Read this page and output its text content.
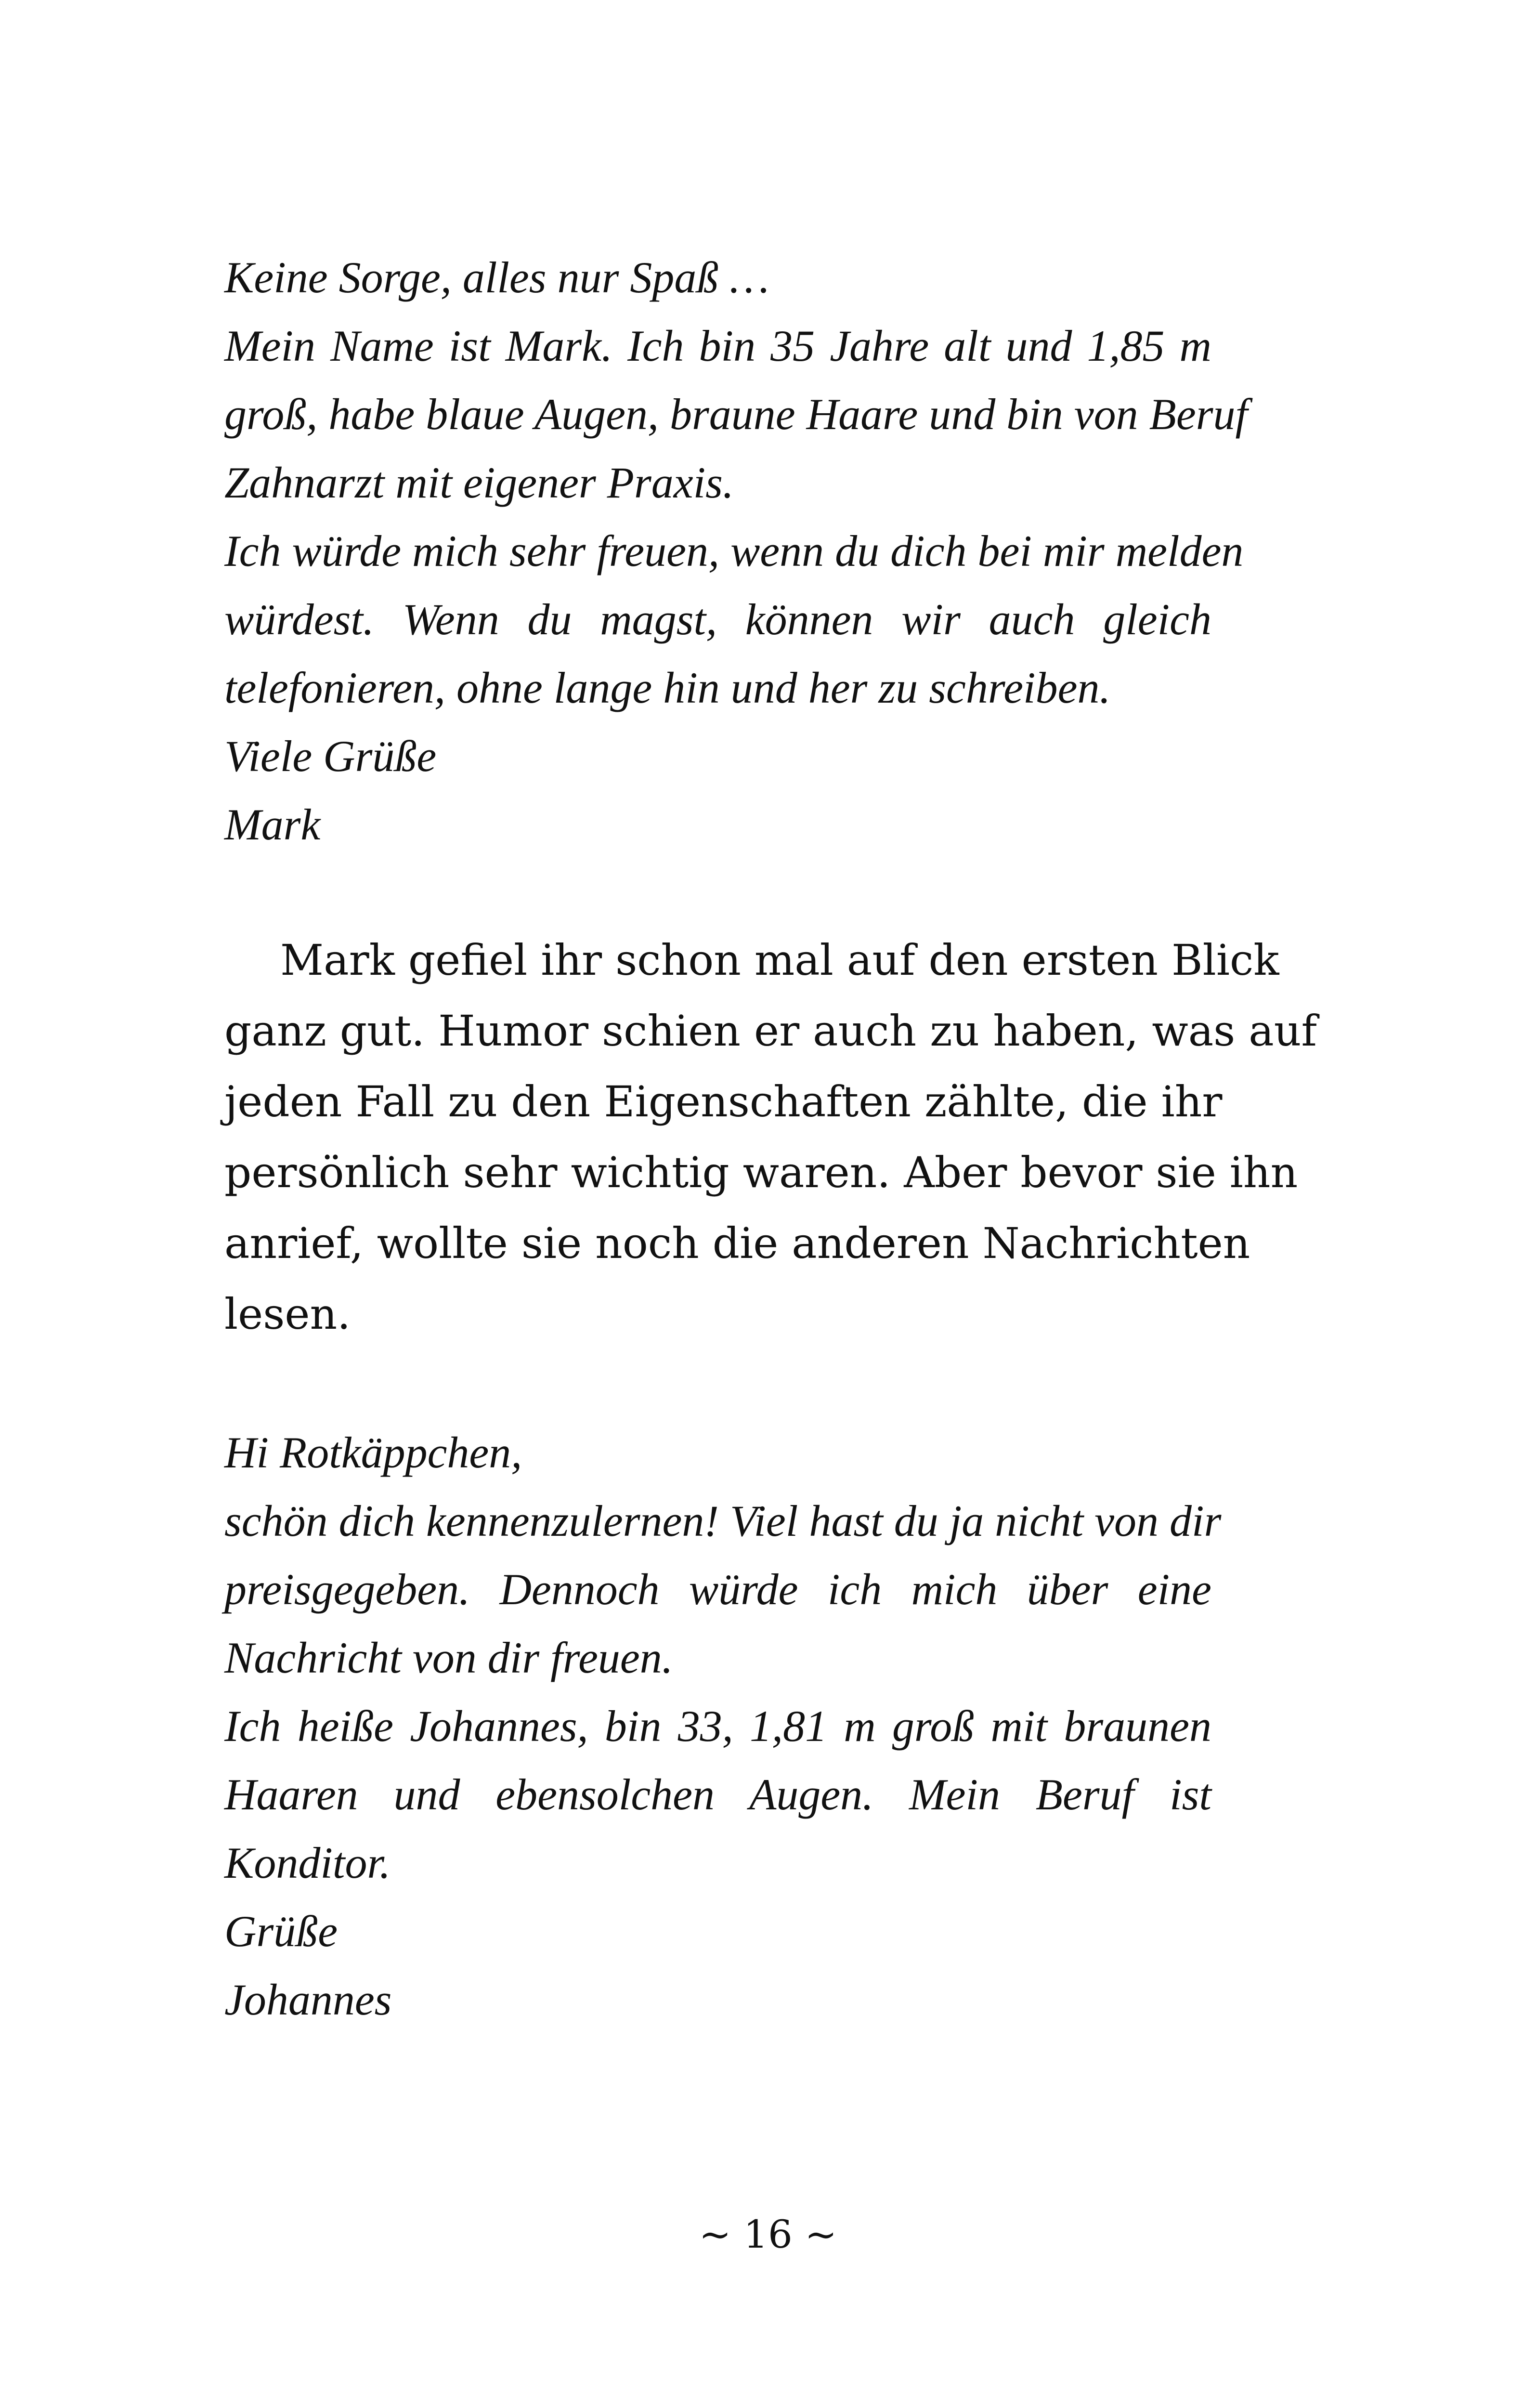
Keine Sorge, alles nur Spaß …
Mein Name ist Mark. Ich bin 35 Jahre alt und 1,85 m
groß, habe blaue Augen, braune Haare und bin von Beruf
Zahnarzt mit eigener Praxis.
Ich würde mich sehr freuen, wenn du dich bei mir melden
würdest. Wenn du magst, können wir auch gleich
telefonieren, ohne lange hin und her zu schreiben.
Viele Grüße
Mark
Mark gefiel ihr schon mal auf den ersten Blick
ganz gut. Humor schien er auch zu haben, was auf
jeden Fall zu den Eigenschaften zählte, die ihr
persönlich sehr wichtig waren. Aber bevor sie ihn
anrief, wollte sie noch die anderen Nachrichten
lesen.
Hi Rotkäppchen,
schön dich kennenzulernen! Viel hast du ja nicht von dir
preisgegeben. Dennoch würde ich mich über eine
Nachricht von dir freuen.
Ich heiße Johannes, bin 33, 1,81 m groß mit braunen
Haaren und ebensolchen Augen. Mein Beruf ist
Konditor.
Grüße
Johannes
~ 16 ~
